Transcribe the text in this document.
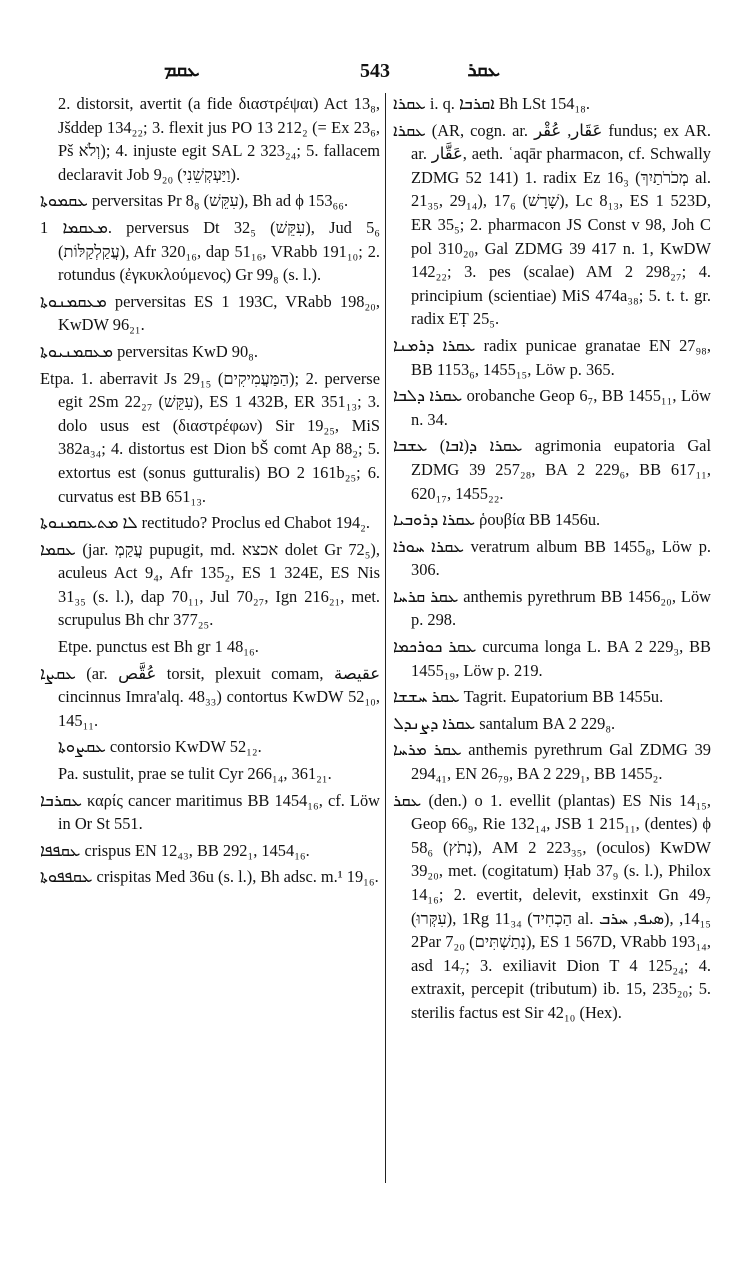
ܥܩܡ	543	ܥܩܪ

2. distorsit, avertit (a fide διαστρέψαι) Act 13₈, Jšddep 134₂₂; 3. flexit jus PO 13 212₂ (= Ex 23₆, Pš וְלֹא); 4. injuste egit SAL 2 323₂₄; 5. fallacem declaravit Job 9₂₀ (וַיַּעְקְשֵׁנִי).

ܥܩܡܘܬܐ perversitas Pr 8₈ (עִקֵּשׁ), Bh ad ϕ 153₆₆.

ܡܥܩܡܐ 1. perversus Dt 32₅ (עִקֵּשׁ), Jud 5₆ (עֲקַלְקַלּוֹת), Afr 320₁₆, dap 51₁₆, VRabb 191₁₀; 2. rotundus (ἐγκυκλούμενος) Gr 99₈ (s. l.).

ܡܥܩܡܢܘܬܐ perversitas ES 1 193C, VRabb 198₂₀, KwDW 96₂₁.

ܡܥܩܡܢܝܘܬܐ perversitas KwD 90₈.

Etpa. 1. aberravit Js 29₁₅ (הַמַּעֲמִיקִים); 2. perverse egit 2Sm 22₂₇ (עִקֵּשׁ), ES 1 432B, ER 351₁₃; 3. dolo usus est (διαστρέφων) Sir 19₂₅, MiS 382a₃₄; 4. distortus est Dion bŠ comt Ap 88₂; 5. extortus est (sonus gutturalis) BO 2 161b₂₅; 6. curvatus est BB 651₁₃.

ܠܐ ܡܬܥܩܡܢܘܬܐ rectitudo? Proclus ed Chabot 194₂.

ܥܩܡܐ (jar. עֲקַמְ pupugit, md. אכצא dolet Gr 72₅), aculeus Act 9₄, Afr 135₂, ES 1 324E, ES Nis 31₃₅ (s. l.), dap 70₁₁, Jul 70₂₇, Ign 216₂₁, met. scrupulus Bh chr 377₂₅.

Etpe. punctus est Bh gr 1 48₁₆.

ܥܩܨܐ (ar. عُقَّص torsit, plexuit comam, عقيصة cincinnus Imra'alq. 48₃₃) contortus KwDW 52₁₀, 145₁₁.

ܥܩܨܘܬܐ contorsio KwDW 52₁₂.

Pa. sustulit, prae se tulit Cyr 266₁₄, 361₂₁.

ܥܩܪܒܐ καρίς cancer maritimus BB 1454₁₆, cf. Löw in Or St 551.

ܥܩܦܦܐ crispus EN 12₄₃, BB 292₁, 1454₁₆.

ܥܩܦܦܘܬܐ crispitas Med 36u (s. l.), Bh adsc. m.¹ 19₁₆.

ܥܩܪܐ i. q. ܐܩܪܒܐ Bh LSt 154₁₈.

ܥܩܪܐ (AR, cogn. ar. عَقَار, عُقْر fundus; ex AR. ar. عَقَّار, aeth. ʿaqār pharmacon, cf. Schwally ZDMG 52 141) 1. radix Ez 16₃ (מְכֹרֹתַיִךְ al. 21₃₅, 29₁₄), 17₆ (שָׁרָשׁ), Lc 8₁₃, ES 1 523D, ER 35₅; 2. pharmacon JS Const v 98, Joh C pol 310₂₀, Gal ZDMG 39 417 n. 1, KwDW 142₂₂; 3. pes (scalae) AM 2 298₂₇; 4. principium (scientiae) MiS 474a₃₈; 5. t. t. gr. radix EṬ 25₅.

ܥܩܪܐ ܕܪܡܢܐ radix punicae granatae EN 27₉₈, BB 1153₆, 1455₁₅, Löw p. 365.

ܥܩܪܐ ܕܠܒܐ orobanche Geop 6₇, BB 1455₁₁, Löw n. 34.

ܥܩܪܐ ܕ(ܐܒܐ) ܥܫܒܐ agrimonia eupatoria Gal ZDMG 39 257₂₈, BA 2 229₆, BB 617₁₁, 620₁₇, 1455₂₂.

ܥܩܪܐ ܕܪܘܒܝܐ ῥουβία BB 1456u.

ܥܩܪܐ ܚܘܪܐ veratrum album BB 1455₈, Löw p. 306.

ܥܩܪ ܩܪܚܐ anthemis pyrethrum BB 1456₂₀, Löw p. 298.

ܥܩܪ ܟܘܪܟܡܐ curcuma longa L. BA 2 229₃, BB 1455₁₉, Löw p. 219.

ܥܩܪ ܚܫܫܐ Tagrit. Eupatorium BB 1455u.

ܥܩܪܐ ܕܨܢܕܠ santalum BA 2 229₈.

ܥܩܪ ܡܪܚܐ anthemis pyrethrum Gal ZDMG 39 294₄₁, EN 26₇₉, BA 2 229₁, BB 1455₂.

ܥܩܪ (den.) o 1. evellit (plantas) ES Nis 14₁₅, Geop 66₉, Rie 132₁₄, JSB 1 215₁₁, (dentes) ϕ 58₆ (נְתֹץ), AM 2 223₃₅, (oculos) KwDW 39₂₀, met. (cogitatum) Ḥab 37₉ (s. l.), Philox 14₁₆; 2. evertit, delevit, exstinxit Gn 49₇ (עִקְּרוּ), 1Rg 11₃₄ (הַכְחִיד al. ܣܝܦ, ܚܪܒ), 14₁₅, 2Par 7₂₀ (נְתַשְׁתִּים), ES 1 567D, VRabb 193₁₄, asd 14₇; 3. exiliavit Dion T 4 125₂₄; 4. extraxit, percepit (tributum) ib. 15, 235₂₀; 5. sterilis factus est Sir 42₁₀ (Hex).
